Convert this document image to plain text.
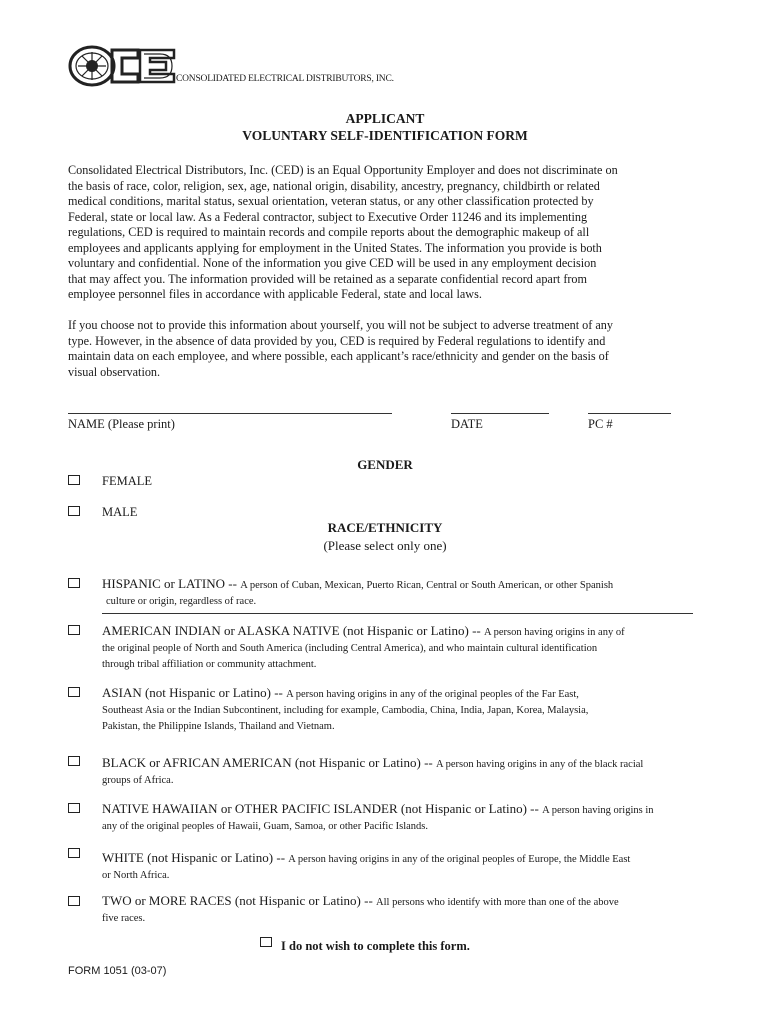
CONSOLIDATED ELECTRICAL DISTRIBUTORS, INC.
APPLICANT
VOLUNTARY SELF-IDENTIFICATION FORM
Consolidated Electrical Distributors, Inc. (CED) is an Equal Opportunity Employer and does not discriminate on
the basis of race, color, religion, sex, age, national origin, disability, ancestry, pregnancy, childbirth or related
medical conditions, marital status, sexual orientation, veteran status, or any other classification protected by
Federal, state or local law. As a Federal contractor, subject to Executive Order 11246 and its implementing
regulations, CED is required to maintain records and compile reports about the demographic makeup of all
employees and applicants applying for employment in the United States. The information you provide is both
voluntary and confidential. None of the information you give CED will be used in any employment decision
that may affect you. The information provided will be retained as a separate confidential record apart from
employee personnel files in accordance with applicable Federal, state and local laws.
If you choose not to provide this information about yourself, you will not be subject to adverse treatment of any
type. However, in the absence of data provided by you, CED is required by Federal regulations to identify and
maintain data on each employee, and where possible, each applicant’s race/ethnicity and gender on the basis of
visual observation.
NAME (Please print)	DATE	PC #
GENDER
FEMALE
MALE
RACE/ETHNICITY
(Please select only one)
HISPANIC or LATINO -- A person of Cuban, Mexican, Puerto Rican, Central or South American, or other Spanish
culture or origin, regardless of race.
AMERICAN INDIAN or ALASKA NATIVE (not Hispanic or Latino) -- A person having origins in any of
the original people of North and South America (including Central America), and who maintain cultural identification
through tribal affiliation or community attachment.
ASIAN (not Hispanic or Latino) -- A person having origins in any of the original peoples of the Far East,
Southeast Asia or the Indian Subcontinent, including for example, Cambodia, China, India, Japan, Korea, Malaysia,
Pakistan, the Philippine Islands, Thailand and Vietnam.
BLACK or AFRICAN AMERICAN (not Hispanic or Latino) -- A person having origins in any of the black racial
groups of Africa.
NATIVE HAWAIIAN or OTHER PACIFIC ISLANDER (not Hispanic or Latino) -- A person having origins in
any of the original peoples of Hawaii, Guam, Samoa, or other Pacific Islands.
WHITE (not Hispanic or Latino) -- A person having origins in any of the original peoples of Europe, the Middle East
or North Africa.
TWO or MORE RACES (not Hispanic or Latino) -- All persons who identify with more than one of the above
five races.
I do not wish to complete this form.
FORM 1051 (03-07)
